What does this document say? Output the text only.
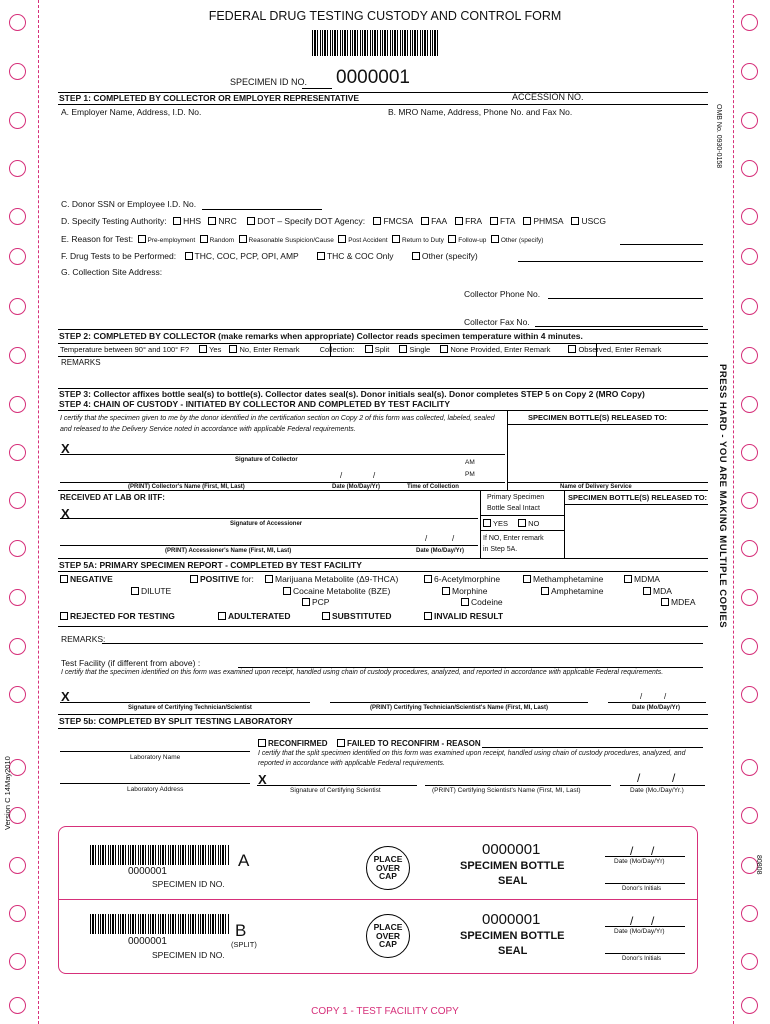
FEDERAL DRUG TESTING CUSTODY AND CONTROL FORM
SPECIMEN ID NO. 0000001
ACCESSION NO.
OMB No. 0930-0158
STEP 1: COMPLETED BY COLLECTOR OR EMPLOYER REPRESENTATIVE
A. Employer Name, Address, I.D. No.	B. MRO Name, Address, Phone No. and Fax No.
C. Donor SSN or Employee I.D. No.
D. Specify Testing Authority: HHS NRC DOT – Specify DOT Agency: FMCSA FAA FRA FTA PHMSA USCG
E. Reason for Test: Pre-employment Random Reasonable Suspicion/Cause Post Accident Return to Duty Follow-up Other (specify)
F. Drug Tests to be Performed: THC, COC, PCP, OPI, AMP	THC & COC Only	Other (specify)
G. Collection Site Address:
Collector Phone No.
Collector Fax No.
STEP 2: COMPLETED BY COLLECTOR (make remarks when appropriate) Collector reads specimen temperature within 4 minutes.
Temperature between 90° and 100° F?	Yes No, Enter Remark	Collection:	Split	Single	None Provided, Enter Remark	Observed, Enter Remark
REMARKS
STEP 3: Collector affixes bottle seal(s) to bottle(s). Collector dates seal(s). Donor initials seal(s). Donor completes STEP 5 on Copy 2 (MRO Copy)
STEP 4: CHAIN OF CUSTODY - INITIATED BY COLLECTOR AND COMPLETED BY TEST FACILITY
I certify that the specimen given to me by the donor identified in the certification section on Copy 2 of this form was collected, labeled, sealed and released to the Delivery Service noted in accordance with applicable Federal requirements.
SPECIMEN BOTTLE(S) RELEASED TO:
X
Signature of Collector	AM
PM
/	/
(PRINT) Collector's Name (First, MI, Last)	Date (Mo/Day/Yr)	Time of Collection	Name of Delivery Service
RECEIVED AT LAB OR IITF:	Primary Specimen
Bottle Seal Intact
SPECIMEN BOTTLE(S) RELEASED TO:
YES	NO
If NO, Enter remark
in Step 5A.
X
Signature of Accessioner
/	/
(PRINT) Accessioner's Name (First, MI, Last)	Date (Mo/Day/Yr)
STEP 5A: PRIMARY SPECIMEN REPORT - COMPLETED BY TEST FACILITY
NEGATIVE
DILUTE
POSITIVE for:	Marijuana Metabolite (Δ9-THCA)
Cocaine Metabolite (BZE)
PCP
6-Acetylmorphine
Morphine
Codeine
Methamphetamine
Amphetamine
MDMA
MDA
MDEA
REJECTED FOR TESTING	ADULTERATED	SUBSTITUTED	INVALID RESULT
REMARKS:
Test Facility (if different from above) :
I certify that the specimen identified on this form was examined upon receipt, handled using chain of custody procedures, analyzed, and reported in accordance with applicable Federal requirements.
X	/	/
Signature of Certifying Technician/Scientist	(PRINT) Certifying Technician/Scientist's Name (First, MI, Last)	Date (Mo/Day/Yr)
STEP 5b: COMPLETED BY SPLIT TESTING LABORATORY
Laboratory Name
Laboratory Address
RECONFIRMED	FAILED TO RECONFIRM - REASON
I certify that the split specimen identified on this form was examined upon receipt, handled using chain of custody procedures, analyzed, and reported in accordance with applicable Federal requirements.
X	/	/
Signature of Certifying Scientist	(PRINT) Certifying Scientist's Name (First, MI, Last)	Date (Mo./Day/Yr.)
PRESS HARD - YOU ARE MAKING MULTIPLE COPIES
Version C 14May2010
80808
0000001
SPECIMEN ID NO.
A	PLACE OVER CAP
0000001
SPECIMEN BOTTLE
SEAL
/ /
Date (Mo/Day/Yr)
Donor's Initials
0000001
SPECIMEN ID NO.
B
(SPLIT)
PLACE OVER CAP
0000001
SPECIMEN BOTTLE
SEAL
/ /
Date (Mo/Day/Yr)
Donor's Initials
COPY 1 - TEST FACILITY COPY
